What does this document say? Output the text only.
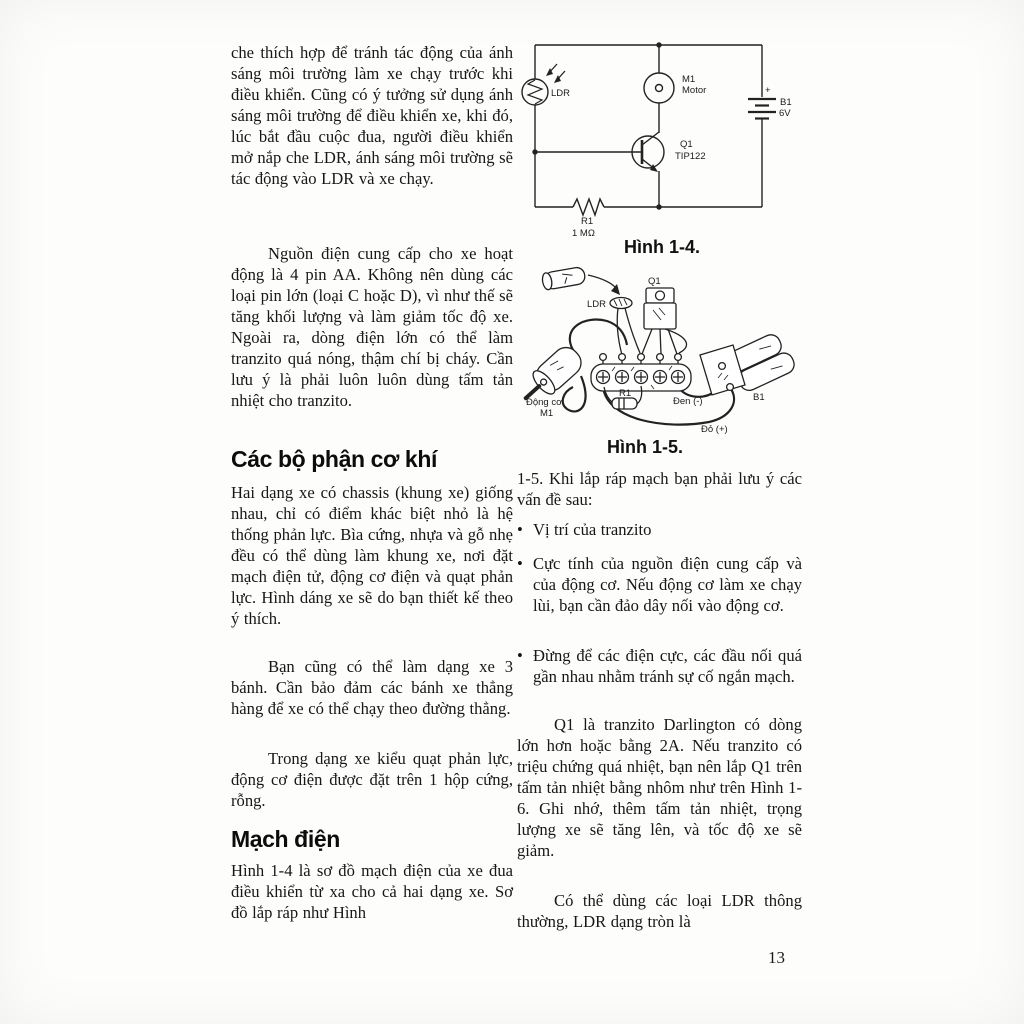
che thích hợp để tránh tác động của ánh sáng môi trường làm xe chạy trước khi điều khiển. Cũng có ý tưởng sử dụng ánh sáng môi trường để điều khiển xe, khi đó, lúc bắt đầu cuộc đua, người điều khiển mở nắp che LDR, ánh sáng môi trường sẽ tác động vào LDR và xe chạy.
Nguồn điện cung cấp cho xe hoạt động là 4 pin AA. Không nên dùng các loại pin lớn (loại C hoặc D), vì như thế sẽ tăng khối lượng và làm giảm tốc độ xe. Ngoài ra, dòng điện lớn có thể làm tranzito quá nóng, thậm chí bị cháy. Cần lưu ý là phải luôn luôn dùng tấm tản nhiệt cho tranzito.
Các bộ phận cơ khí
Hai dạng xe có chassis (khung xe) giống nhau, chỉ có điểm khác biệt nhỏ là hệ thống phản lực. Bìa cứng, nhựa và gỗ nhẹ đều có thể dùng làm khung xe, nơi đặt mạch điện tử, động cơ điện và quạt phản lực. Hình dáng xe sẽ do bạn thiết kế theo ý thích.
Bạn cũng có thể làm dạng xe 3 bánh. Cần bảo đảm các bánh xe thẳng hàng để xe có thể chạy theo đường thẳng.
Trong dạng xe kiểu quạt phản lực, động cơ điện được đặt trên 1 hộp cứng, rỗng.
Mạch điện
Hình 1-4 là sơ đồ mạch điện của xe đua điều khiển từ xa cho cả hai dạng xe. Sơ đồ lắp ráp như Hình
LDR
M1
Motor
Q1
TIP122
+
B1
6V
R1
1 MΩ
Hình 1-4.
Q1
LDR
Động cơ
M1
R1
Đen (-)
Đỏ (+)
B1
Hình 1-5.
1-5. Khi lắp ráp mạch bạn phải lưu ý các vấn đề sau:
• Vị trí của tranzito
• Cực tính của nguồn điện cung cấp và của động cơ. Nếu động cơ làm xe chạy lùi, bạn cần đảo dây nối vào động cơ.
• Đừng để các điện cực, các đầu nối quá gần nhau nhằm tránh sự cố ngắn mạch.
Q1 là tranzito Darlington có dòng lớn hơn hoặc bằng 2A. Nếu tranzito có triệu chứng quá nhiệt, bạn nên lắp Q1 trên tấm tản nhiệt bằng nhôm như trên Hình 1-6. Ghi nhớ, thêm tấm tản nhiệt, trọng lượng xe sẽ tăng lên, và tốc độ xe sẽ giảm.
Có thể dùng các loại LDR thông thường, LDR dạng tròn là
13
